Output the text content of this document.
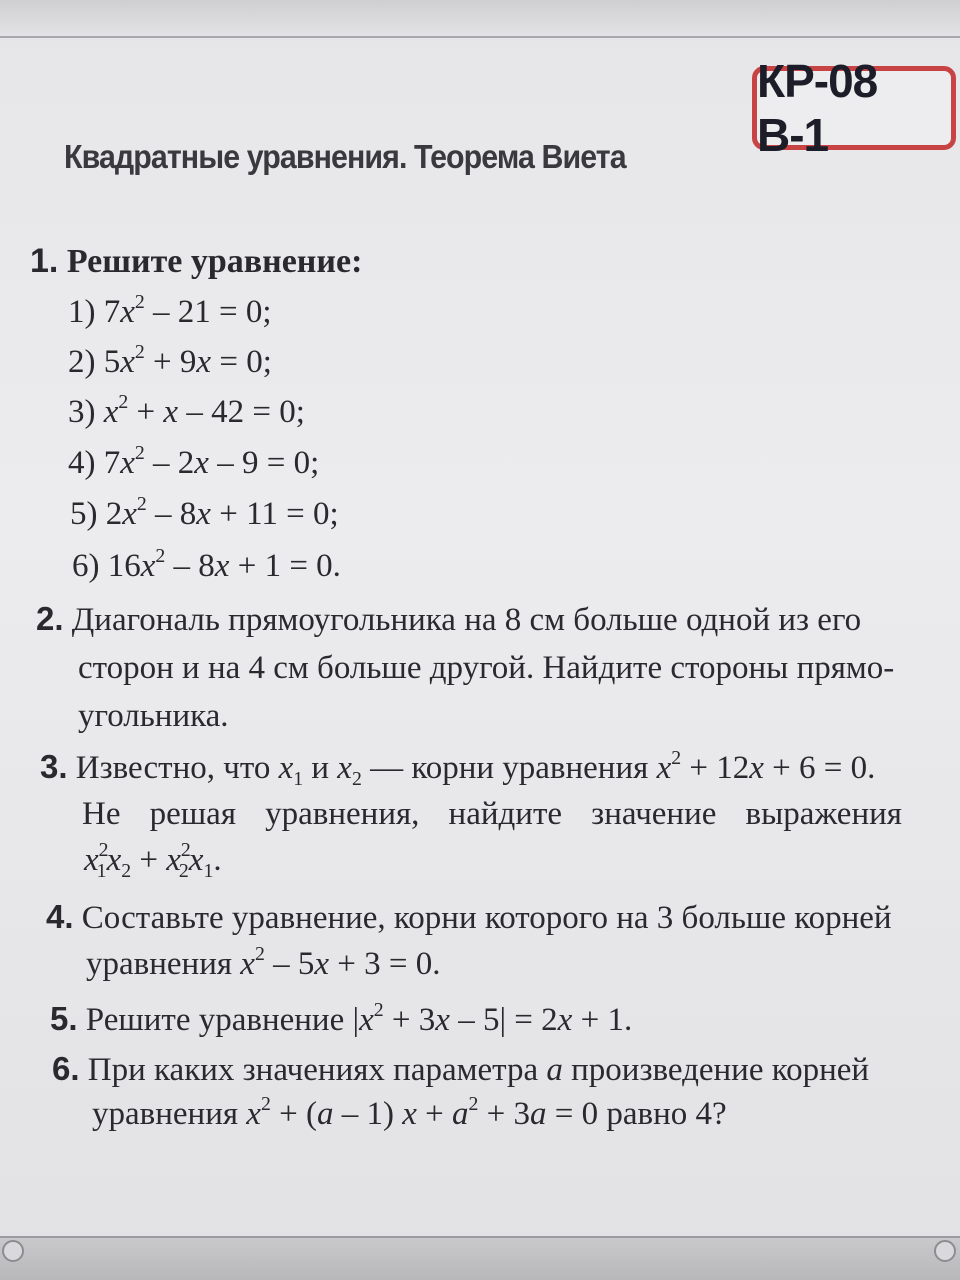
КР-08 В-1
Квадратные уравнения. Теорема Виета
1. Решите уравнение:
1) $7x^2 - 21 = 0$;
2) $5x^2 + 9x = 0$;
3) $x^2 + x - 42 = 0$;
4) $7x^2 - 2x - 9 = 0$;
5) $2x^2 - 8x + 11 = 0$;
6) $16x^2 - 8x + 1 = 0$.
2. Диагональ прямоугольника на 8 см больше одной из его
сторон и на 4 см больше другой. Найдите стороны прямо-
угольника.
3. Известно, что $x_1$ и $x_2$ — корни уравнения $x^2 + 12x + 6 = 0$.
Не решая уравнения, найдите значение выражения
$x^2_1x_2 + x^2_2x_1$.
4. Составьте уравнение, корни которого на 3 больше корней
уравнения $x^2 - 5x + 3 = 0$.
5. Решите уравнение $|x^2 + 3x - 5| = 2x + 1$.
6. При каких значениях параметра a произведение корней
уравнения $x^2 + (a - 1) x + a^2 + 3a = 0$ равно 4?
